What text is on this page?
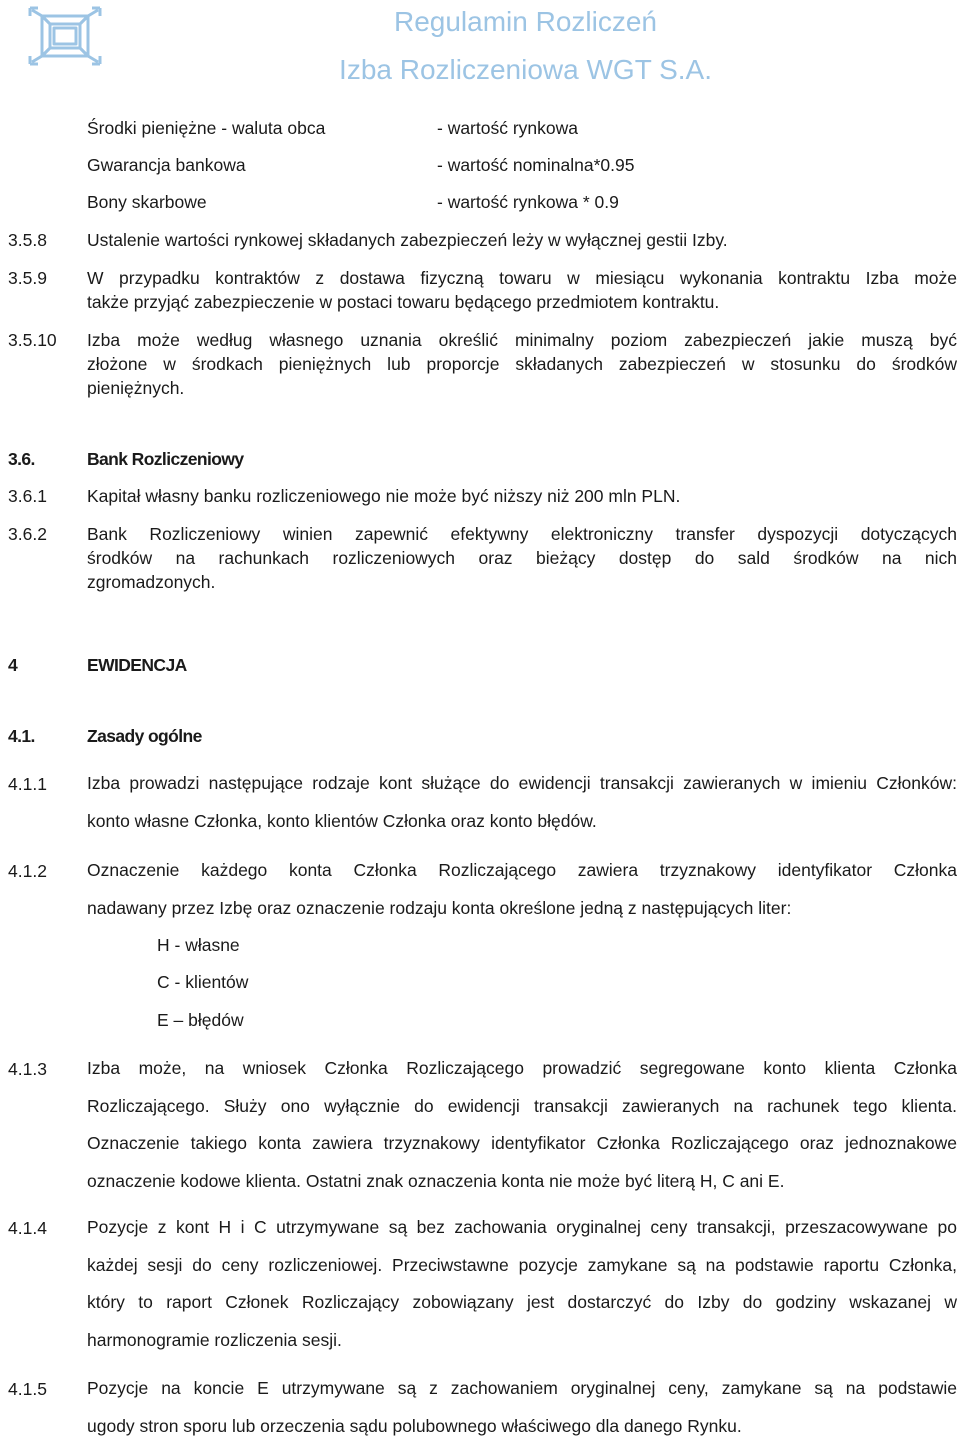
Regulamin Rozliczeń
Izba Rozliczeniowa WGT S.A.
Środki pieniężne - waluta obca	- wartość rynkowa
Gwarancja bankowa	- wartość nominalna*0.95
Bony skarbowe	- wartość rynkowa * 0.9
3.5.8 Ustalenie wartości rynkowej składanych zabezpieczeń leży w wyłącznej gestii Izby.
3.5.9 W przypadku kontraktów z dostawa fizyczną towaru w miesiącu wykonania kontraktu Izba może
także przyjąć zabezpieczenie w postaci towaru będącego przedmiotem kontraktu.
3.5.10 Izba może według własnego uznania określić minimalny poziom zabezpieczeń jakie muszą być
złożone w środkach pieniężnych lub proporcje składanych zabezpieczeń w stosunku do środków
pieniężnych.
3.6.	Bank Rozliczeniowy
3.6.1 Kapitał własny banku rozliczeniowego nie może być niższy niż 200 mln PLN.
3.6.2 Bank Rozliczeniowy winien zapewnić efektywny elektroniczny transfer dyspozycji dotyczących
środków na rachunkach rozliczeniowych oraz bieżący dostęp do sald środków na nich
zgromadzonych.
4	EWIDENCJA
4.1.	Zasady ogólne
4.1.1 Izba prowadzi następujące rodzaje kont służące do ewidencji transakcji zawieranych w imieniu Członków:
konto własne Członka, konto klientów Członka oraz konto błędów.
4.1.2 Oznaczenie każdego konta Członka Rozliczającego zawiera trzyznakowy identyfikator Członka
nadawany przez Izbę oraz oznaczenie rodzaju konta określone jedną z następujących liter:
H - własne
C - klientów
E – błędów
4.1.3 Izba może, na wniosek Członka Rozliczającego prowadzić segregowane konto klienta Członka
Rozliczającego. Służy ono wyłącznie do ewidencji transakcji zawieranych na rachunek tego klienta.
Oznaczenie takiego konta zawiera trzyznakowy identyfikator Członka Rozliczającego oraz jednoznakowe
oznaczenie kodowe klienta. Ostatni znak oznaczenia konta nie może być literą H, C ani E.
4.1.4 Pozycje z kont H i C utrzymywane są bez zachowania oryginalnej ceny transakcji, przeszacowywane po
każdej sesji do ceny rozliczeniowej. Przeciwstawne pozycje zamykane są na podstawie raportu Członka,
który to raport Członek Rozliczający zobowiązany jest dostarczyć do Izby do godziny wskazanej w
harmonogramie rozliczenia sesji.
4.1.5 Pozycje na koncie E utrzymywane są z zachowaniem oryginalnej ceny, zamykane są na podstawie
ugody stron sporu lub orzeczenia sądu polubownego właściwego dla danego Rynku.
